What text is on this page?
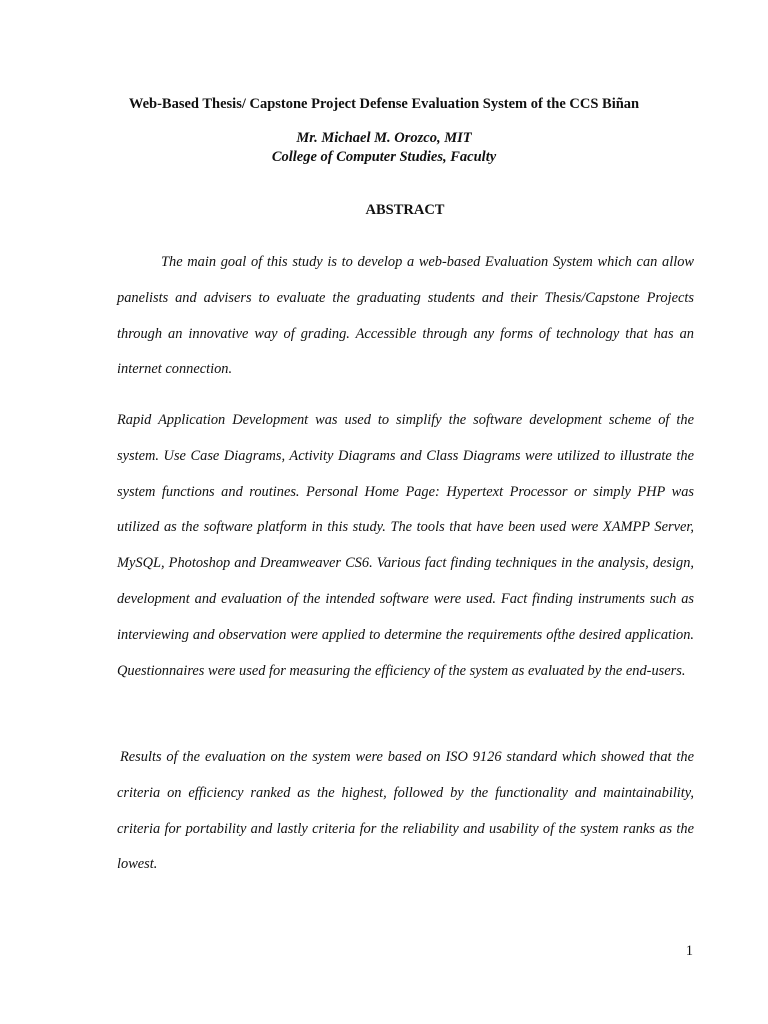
Web-Based Thesis/ Capstone Project Defense Evaluation System of the CCS Biñan

Mr. Michael M. Orozco, MIT
College of Computer Studies, Faculty

ABSTRACT

The main goal of this study is to develop a web-based Evaluation System which can allow panelists and advisers to evaluate the graduating students and their Thesis/Capstone Projects through an innovative way of grading. Accessible through any forms of technology that has an internet connection.

Rapid Application Development was used to simplify the software development scheme of the system. Use Case Diagrams, Activity Diagrams and Class Diagrams were utilized to illustrate the system functions and routines. Personal Home Page: Hypertext Processor or simply PHP was utilized as the software platform in this study. The tools that have been used were XAMPP Server, MySQL, Photoshop and Dreamweaver CS6. Various fact finding techniques in the analysis, design, development and evaluation of the intended software were used. Fact finding instruments such as interviewing and observation were applied to determine the requirements ofthe desired application. Questionnaires were used for measuring the efficiency of the system as evaluated by the end-users.

Results of the evaluation on the system were based on ISO 9126 standard which showed that the criteria on efficiency ranked as the highest, followed by the functionality and maintainability, criteria for portability and lastly criteria for the reliability and usability of the system ranks as the lowest.

1
